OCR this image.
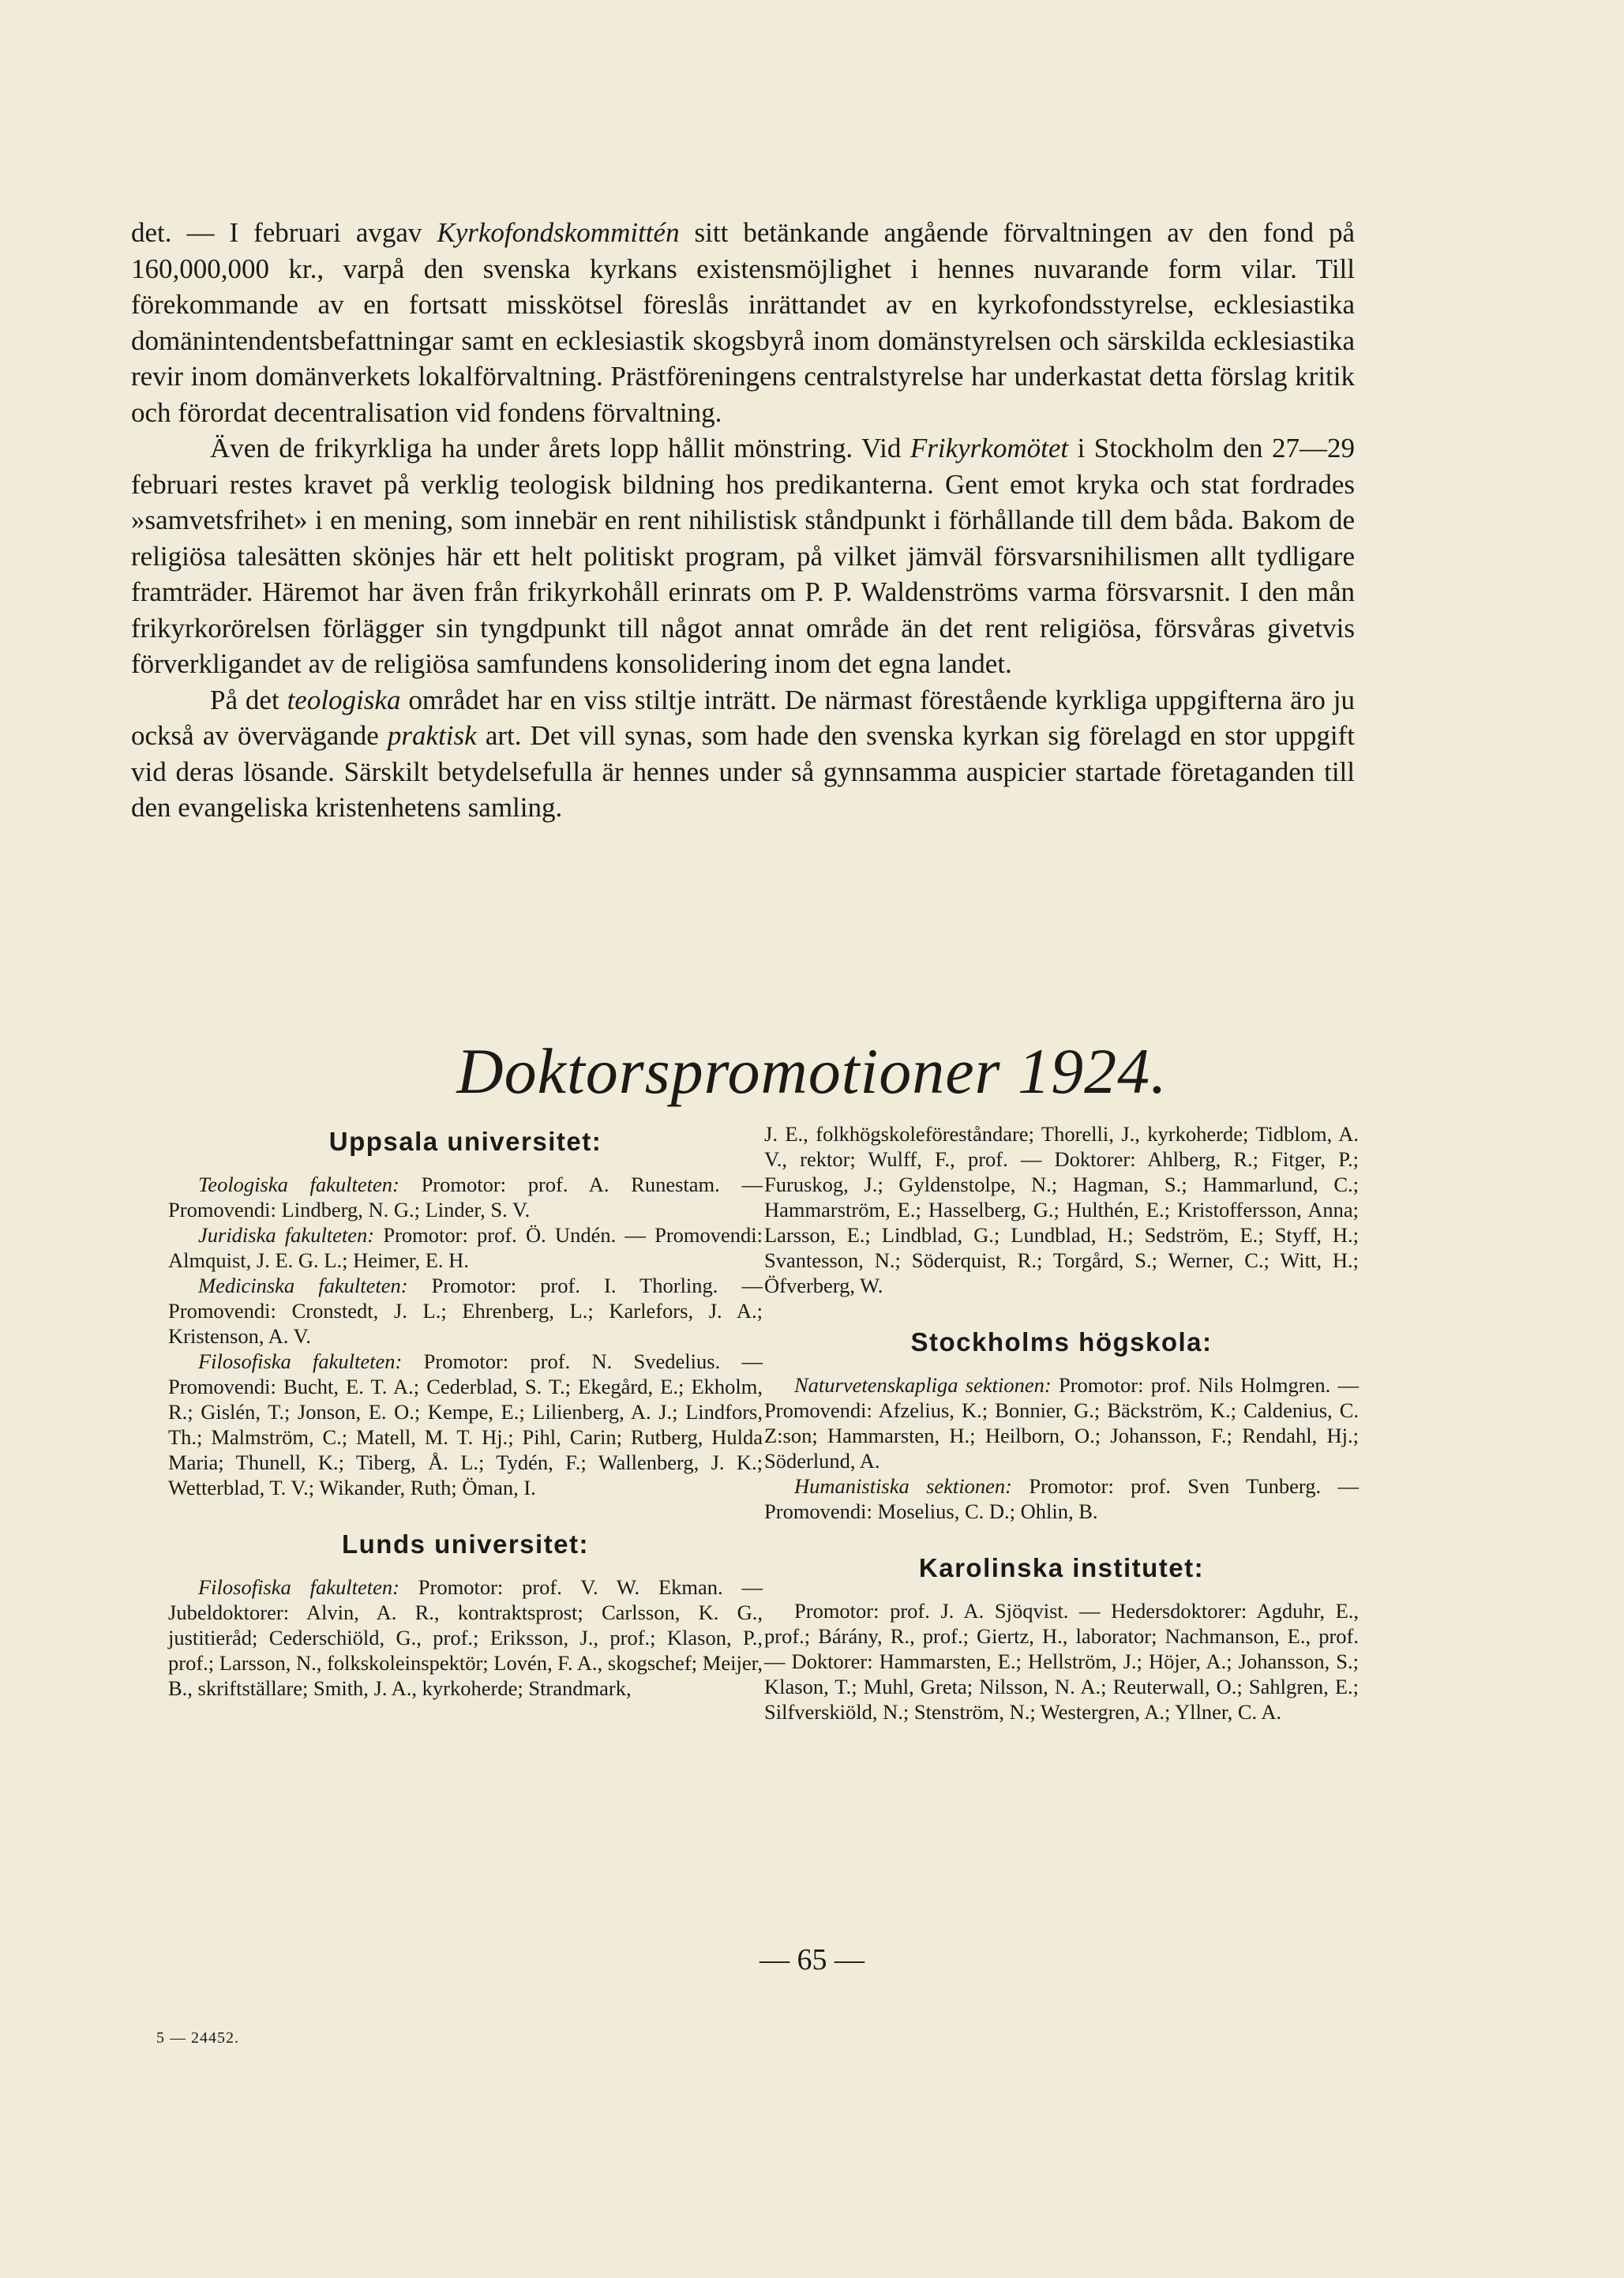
det. — I februari avgav Kyrkofondskommittén sitt betänkande angående förvaltningen av den fond på 160,000,000 kr., varpå den svenska kyrkans existensmöjlighet i hennes nuvarande form vilar. Till förekommande av en fortsatt misskötsel föreslås inrättandet av en kyrkofondsstyrelse, ecklesiastika domänintendentsbefattningar samt en ecklesiastik skogsbyrå inom domänstyrelsen och särskilda ecklesiastika revir inom domänverkets lokalförvaltning. Prästföreningens centralstyrelse har underkastat detta förslag kritik och förordat decentralisation vid fondens förvaltning.

Även de frikyrkliga ha under årets lopp hållit mönstring. Vid Frikyrkomötet i Stockholm den 27—29 februari restes kravet på verklig teologisk bildning hos predikanterna. Gent emot kryka och stat fordrades »samvetsfrihet» i en mening, som innebär en rent nihilistisk ståndpunkt i förhållande till dem båda. Bakom de religiösa talesätten skönjes här ett helt politiskt program, på vilket jämväl försvarsnihilismen allt tydligare framträder. Häremot har även från frikyrkohåll erinrats om P. P. Waldenströms varma försvarsnit. I den mån frikyrkorörelsen förlägger sin tyngdpunkt till något annat område än det rent religiösa, försvåras givetvis förverkligandet av de religiösa samfundens konsolidering inom det egna landet.

På det teologiska området har en viss stiltje inträtt. De närmast förestående kyrkliga uppgifterna äro ju också av övervägande praktisk art. Det vill synas, som hade den svenska kyrkan sig förelagd en stor uppgift vid deras lösande. Särskilt betydelsefulla är hennes under så gynnsamma auspicier startade företaganden till den evangeliska kristenhetens samling.

Doktorspromotioner 1924.
Uppsala universitet:

Teologiska fakulteten: Promotor: prof. A. Runestam. — Promovendi: Lindberg, N. G.; Linder, S. V.

Juridiska fakulteten: Promotor: prof. Ö. Undén. — Promovendi: Almquist, J. E. G. L.; Heimer, E. H.

Medicinska fakulteten: Promotor: prof. I. Thorling. — Promovendi: Cronstedt, J. L.; Ehrenberg, L.; Karlefors, J. A.; Kristenson, A. V.

Filosofiska fakulteten: Promotor: prof. N. Svedelius. — Promovendi: Bucht, E. T. A.; Cederblad, S. T.; Ekegård, E.; Ekholm, R.; Gislén, T.; Jonson, E. O.; Kempe, E.; Lilienberg, A. J.; Lindfors, Th.; Malmström, C.; Matell, M. T. Hj.; Pihl, Carin; Rutberg, Hulda Maria; Thunell, K.; Tiberg, Å. L.; Tydén, F.; Wallenberg, J. K.; Wetterblad, T. V.; Wikander, Ruth; Öman, I.

Lunds universitet:

Filosofiska fakulteten: Promotor: prof. V. W. Ekman. — Jubeldoktorer: Alvin, A. R., kontraktsprost; Carlsson, K. G., justitieråd; Cederschiöld, G., prof.; Eriksson, J., prof.; Klason, P., prof.; Larsson, N., folkskoleinspektör; Lovén, F. A., skogschef; Meijer, B., skriftställare; Smith, J. A., kyrkoherde; Strandmark,

J. E., folkhögskoleföreståndare; Thorelli, J., kyrkoherde; Tidblom, A. V., rektor; Wulff, F., prof. — Doktorer: Ahlberg, R.; Fitger, P.; Furuskog, J.; Gyldenstolpe, N.; Hagman, S.; Hammarlund, C.; Hammarström, E.; Hasselberg, G.; Hulthén, E.; Kristoffersson, Anna; Larsson, E.; Lindblad, G.; Lundblad, H.; Sedström, E.; Styff, H.; Svantesson, N.; Söderquist, R.; Torgård, S.; Werner, C.; Witt, H.; Öfverberg, W.

Stockholms högskola:

Naturvetenskapliga sektionen: Promotor: prof. Nils Holmgren. — Promovendi: Afzelius, K.; Bonnier, G.; Bäckström, K.; Caldenius, C. Z:son; Hammarsten, H.; Heilborn, O.; Johansson, F.; Rendahl, Hj.; Söderlund, A.

Humanistiska sektionen: Promotor: prof. Sven Tunberg. — Promovendi: Moselius, C. D.; Ohlin, B.

Karolinska institutet:

Promotor: prof. J. A. Sjöqvist. — Hedersdoktorer: Agduhr, E., prof.; Bárány, R., prof.; Giertz, H., laborator; Nachmanson, E., prof. — Doktorer: Hammarsten, E.; Hellström, J.; Höjer, A.; Johansson, S.; Klason, T.; Muhl, Greta; Nilsson, N. A.; Reuterwall, O.; Sahlgren, E.; Silfverskiöld, N.; Stenström, N.; Westergren, A.; Yllner, C. A.

— 65 —
5 — 24452.
